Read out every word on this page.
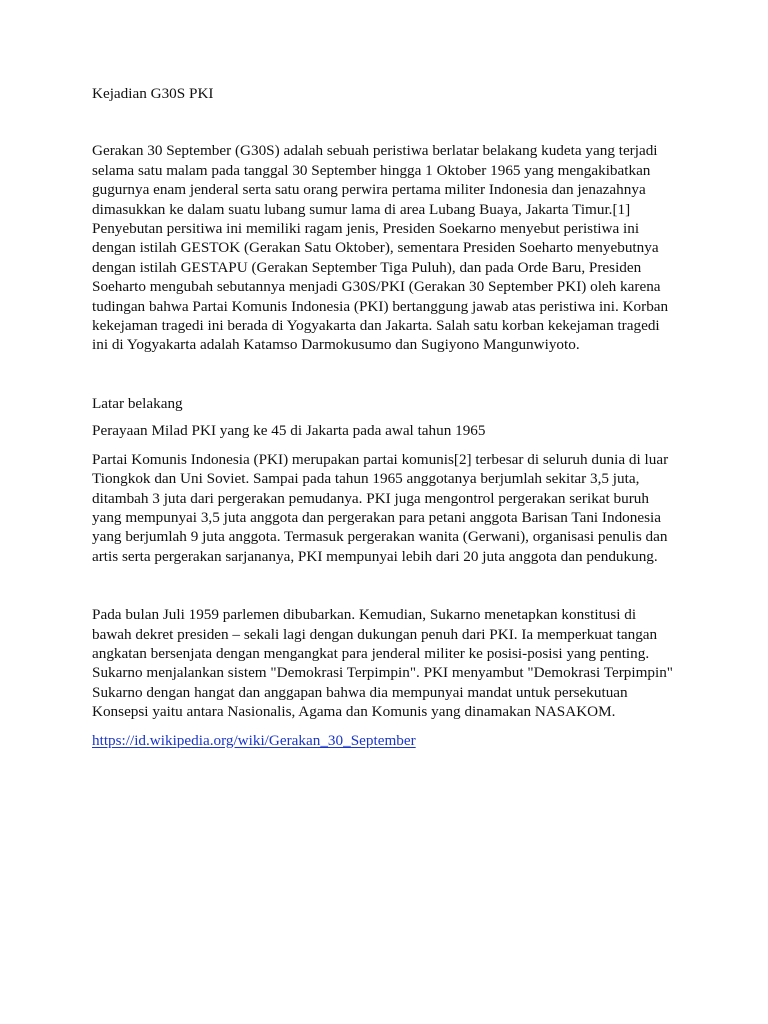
Kejadian G30S PKI

Gerakan 30 September (G30S) adalah sebuah peristiwa berlatar belakang kudeta yang terjadi selama satu malam pada tanggal 30 September hingga 1 Oktober 1965 yang mengakibatkan gugurnya enam jenderal serta satu orang perwira pertama militer Indonesia dan jenazahnya dimasukkan ke dalam suatu lubang sumur lama di area Lubang Buaya, Jakarta Timur.[1] Penyebutan persitiwa ini memiliki ragam jenis, Presiden Soekarno menyebut peristiwa ini dengan istilah GESTOK (Gerakan Satu Oktober), sementara Presiden Soeharto menyebutnya dengan istilah GESTAPU (Gerakan September Tiga Puluh), dan pada Orde Baru, Presiden Soeharto mengubah sebutannya menjadi G30S/PKI (Gerakan 30 September PKI) oleh karena tudingan bahwa Partai Komunis Indonesia (PKI) bertanggung jawab atas peristiwa ini. Korban kekejaman tragedi ini berada di Yogyakarta dan Jakarta. Salah satu korban kekejaman tragedi ini di Yogyakarta adalah Katamso Darmokusumo dan Sugiyono Mangunwiyoto.

Latar belakang

Perayaan Milad PKI yang ke 45 di Jakarta pada awal tahun 1965

Partai Komunis Indonesia (PKI) merupakan partai komunis[2] terbesar di seluruh dunia di luar Tiongkok dan Uni Soviet. Sampai pada tahun 1965 anggotanya berjumlah sekitar 3,5 juta, ditambah 3 juta dari pergerakan pemudanya. PKI juga mengontrol pergerakan serikat buruh yang mempunyai 3,5 juta anggota dan pergerakan para petani anggota Barisan Tani Indonesia yang berjumlah 9 juta anggota. Termasuk pergerakan wanita (Gerwani), organisasi penulis dan artis serta pergerakan sarjananya, PKI mempunyai lebih dari 20 juta anggota dan pendukung.

Pada bulan Juli 1959 parlemen dibubarkan. Kemudian, Sukarno menetapkan konstitusi di bawah dekret presiden – sekali lagi dengan dukungan penuh dari PKI. Ia memperkuat tangan angkatan bersenjata dengan mengangkat para jenderal militer ke posisi-posisi yang penting. Sukarno menjalankan sistem "Demokrasi Terpimpin". PKI menyambut "Demokrasi Terpimpin" Sukarno dengan hangat dan anggapan bahwa dia mempunyai mandat untuk persekutuan Konsepsi yaitu antara Nasionalis, Agama dan Komunis yang dinamakan NASAKOM.

https://id.wikipedia.org/wiki/Gerakan_30_September
